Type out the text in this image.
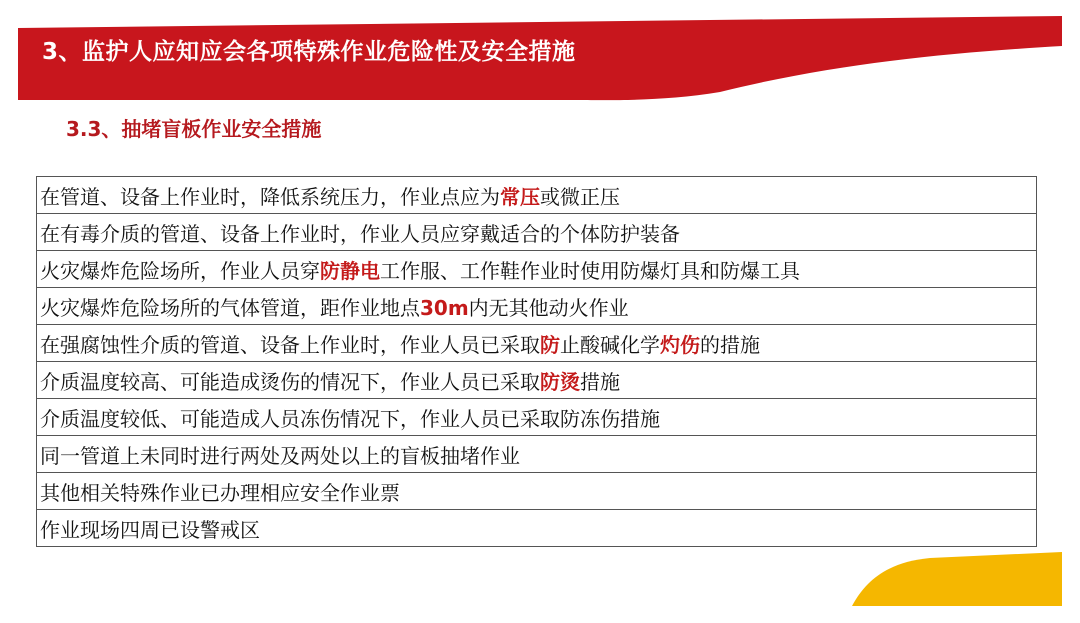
3、监护人应知应会各项特殊作业危险性及安全措施
3.3、抽堵盲板作业安全措施
在管道、设备上作业时，降低系统压力，作业点应为常压或微正压
在有毒介质的管道、设备上作业时，作业人员应穿戴适合的个体防护装备
火灾爆炸危险场所，作业人员穿防静电工作服、工作鞋作业时使用防爆灯具和防爆工具
火灾爆炸危险场所的气体管道，距作业地点30m内无其他动火作业
在强腐蚀性介质的管道、设备上作业时，作业人员已采取防止酸碱化学灼伤的措施
介质温度较高、可能造成烫伤的情况下，作业人员已采取防烫措施
介质温度较低、可能造成人员冻伤情况下，作业人员已采取防冻伤措施
同一管道上未同时进行两处及两处以上的盲板抽堵作业
其他相关特殊作业已办理相应安全作业票
作业现场四周已设警戒区
